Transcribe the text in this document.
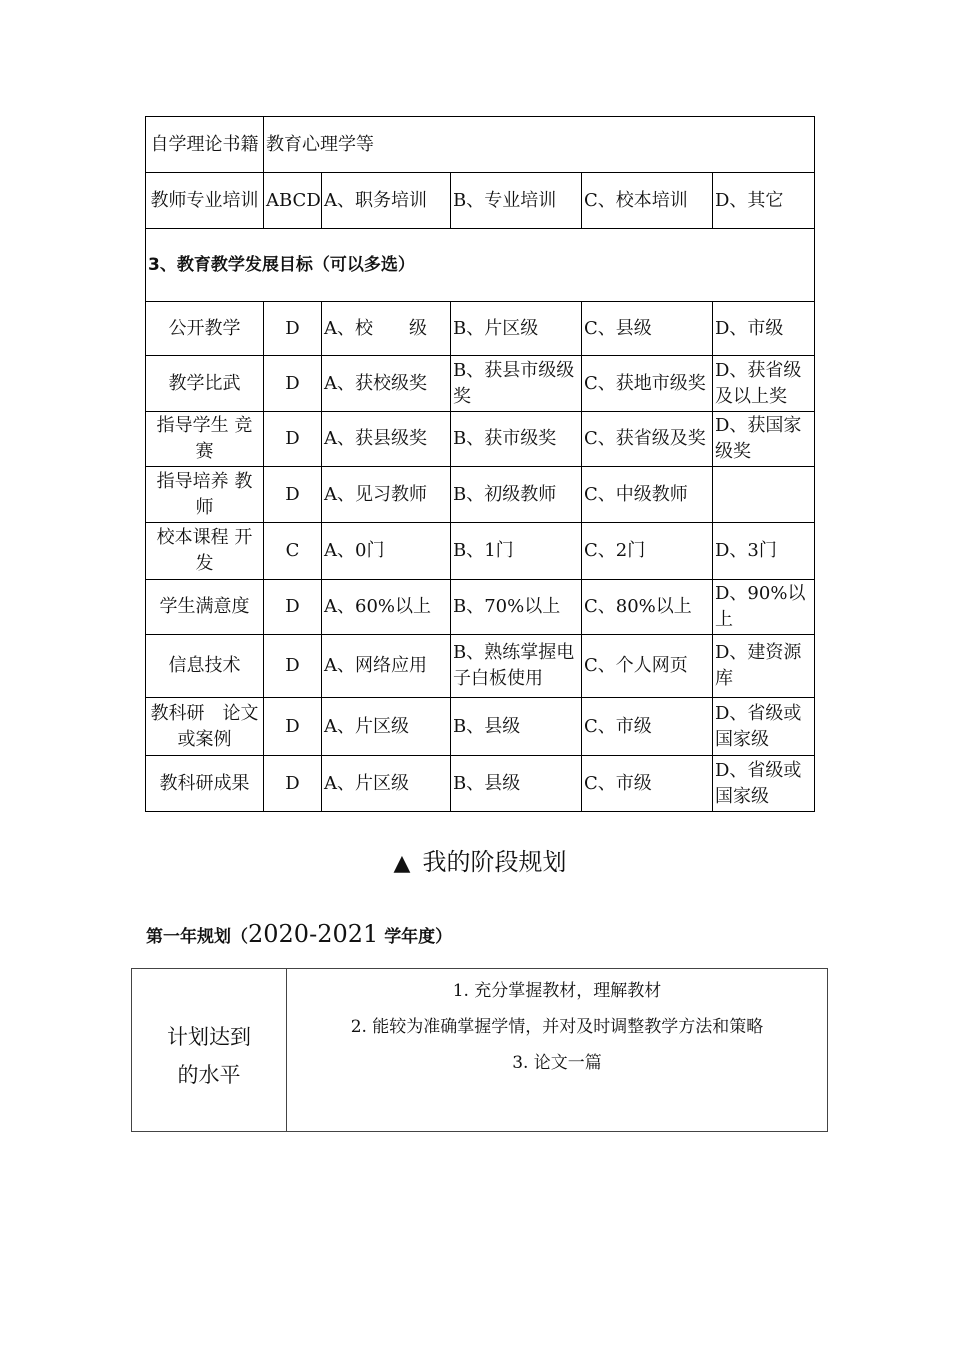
自学理论书籍	教育心理学等				
教师专业培训	ABCD	A、职务培训	B、专业培训	C、校本培训	D、其它
3、教育教学发展目标（可以多选）					
公开教学	D	A、校　　级	B、片区级	C、县级	D、市级
教学比武	D	A、获校级奖	B、获县市级级奖	C、获地市级奖	D、获省级及以上奖
指导学生 竞赛	D	A、获县级奖	B、获市级奖	C、获省级及奖	D、获国家级奖
指导培养 教师	D	A、见习教师	B、初级教师	C、中级教师	
校本课程 开发	C	A、0门	B、1门	C、2门	D、3门
学生满意度	D	A、60%以上	B、70%以上	C、80%以上	D、90%以上
信息技术	D	A、网络应用	B、熟练掌握电子白板使用	C、个人网页	D、建资源库
教科研　论文或案例	D	A、片区级	B、县级	C、市级	D、省级或国家级
教科研成果	D	A、片区级	B、县级	C、市级	D、省级或国家级
▲ 我的阶段规划
第一年规划（2020-2021 学年度）
计划达到的水平

1. 充分掌握教材，理解教材
2. 能较为准确掌握学情，并对及时调整教学方法和策略
3. 论文一篇
